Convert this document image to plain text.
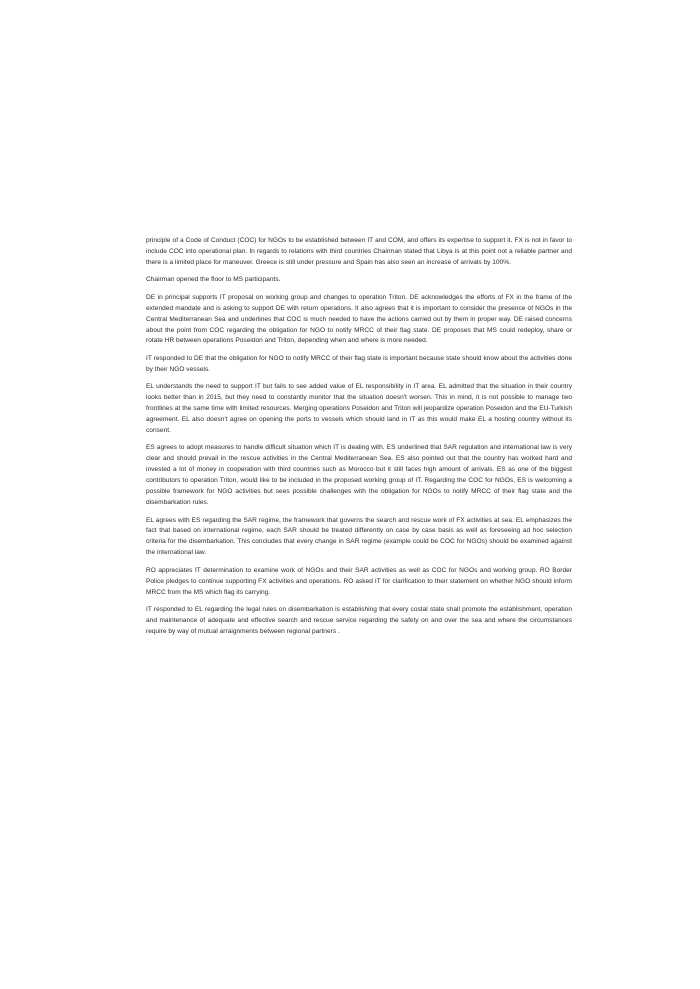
principle of a Code of Conduct (COC) for NGOs to be established between IT and COM, and offers its expertise to support it. FX is not in favor to include COC into operational plan. In regards to relations with third countries Chairman stated that Libya is at this point not a reliable partner and there is a limited place for maneuver. Greece is still under pressure and Spain has also seen an increase of arrivals by 100%.

Chairman opened the floor to MS participants.

DE in principal supports IT proposal on working group and changes to operation Triton. DE acknowledges the efforts of FX in the frame of the extended mandate and is asking to support DE with return operations. It also agrees that it is important to consider the presence of NGOs in the Central Mediterranean Sea and underlines that COC is much needed to have the actions carried out by them in proper way. DE raised concerns about the point from COC regarding the obligation for NGO to notify MRCC of their flag state. DE proposes that MS could redeploy, share or rotate HR between operations Poseidon and Triton, depending when and where is more needed.

IT responded to DE that the obligation for NGO to notify MRCC of their flag state is important because state should know about the activities done by their NGO vessels.

EL understands the need to support IT but fails to see added value of EL responsibility in IT area. EL admitted that the situation in their country looks better than in 2015, but they need to constantly monitor that the situation doesn't worsen. This in mind, it is not possible to manage two frontlines at the same time with limited resources. Merging operations Poseidon and Triton will jeopardize operation Poseidon and the EU-Turkish agreement. EL also doesn't agree on opening the ports to vessels which should land in IT as this would make EL a hosting country without its consent.

ES agrees to adopt measures to handle difficult situation which IT is dealing with. ES underlined that SAR regulation and international law is very clear and should prevail in the rescue activities in the Central Mediterranean Sea. ES also pointed out that the country has worked hard and invested a lot of money in cooperation with third countries such as Morocco but it still faces high amount of arrivals. ES as one of the biggest contributors to operation Triton, would like to be included in the proposed working group of IT. Regarding the COC for NGOs, ES is welcoming a possible framework for NGO activities but sees possible challenges with the obligation for NGOs to notify MRCC of their flag state and the disembarkation rules.

EL agrees with ES regarding the SAR regime, the framework that governs the search and rescue work of FX activities at sea. EL emphasizes the fact that based on international regime, each SAR should be treated differently on case by case basis as well as foreseeing ad hoc selection criteria for the disembarkation. This concludes that every change in SAR regime (example could be COC for NGOs) should be examined against the international law.

RO appreciates IT determination to examine work of NGOs and their SAR activities as well as COC for NGOs and working group. RO Border Police pledges to continue supporting FX activities and operations. RO asked IT for clarification to their statement on whether NGO should inform MRCC from the MS which flag its carrying.

IT responded to EL regarding the legal rules on disembarkation is establishing that every costal state shall promote the establishment, operation and maintenance of adequate and effective search and rescue service regarding the safety on and over the sea and where the circumstances require by way of mutual arraignments between regional partners .
